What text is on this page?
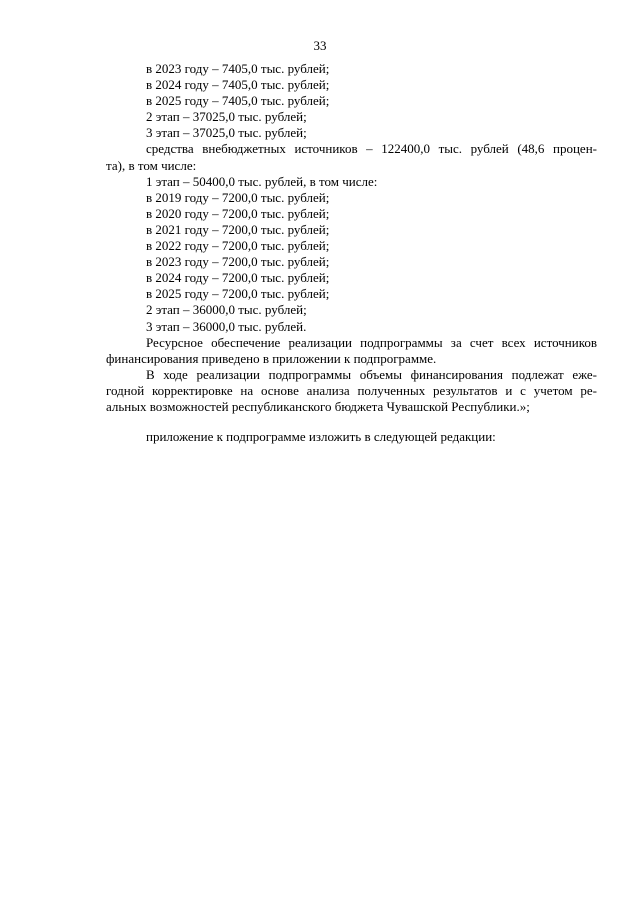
33
в 2023 году – 7405,0 тыс. рублей;
в 2024 году – 7405,0 тыс. рублей;
в 2025 году – 7405,0 тыс. рублей;
2 этап – 37025,0 тыс. рублей;
3 этап – 37025,0 тыс. рублей;
средства внебюджетных источников – 122400,0 тыс. рублей (48,6 процен-
та), в том числе:
1 этап – 50400,0 тыс. рублей, в том числе:
в 2019 году – 7200,0 тыс. рублей;
в 2020 году – 7200,0 тыс. рублей;
в 2021 году – 7200,0 тыс. рублей;
в 2022 году – 7200,0 тыс. рублей;
в 2023 году – 7200,0 тыс. рублей;
в 2024 году – 7200,0 тыс. рублей;
в 2025 году – 7200,0 тыс. рублей;
2 этап – 36000,0 тыс. рублей;
3 этап – 36000,0 тыс. рублей.
Ресурсное обеспечение реализации подпрограммы за счет всех источников
финансирования приведено в приложении к подпрограмме.
В ходе реализации подпрограммы объемы финансирования подлежат еже-
годной корректировке на основе анализа полученных результатов и с учетом ре-
альных возможностей республиканского бюджета Чувашской Республики.»;
приложение к подпрограмме изложить в следующей редакции:
